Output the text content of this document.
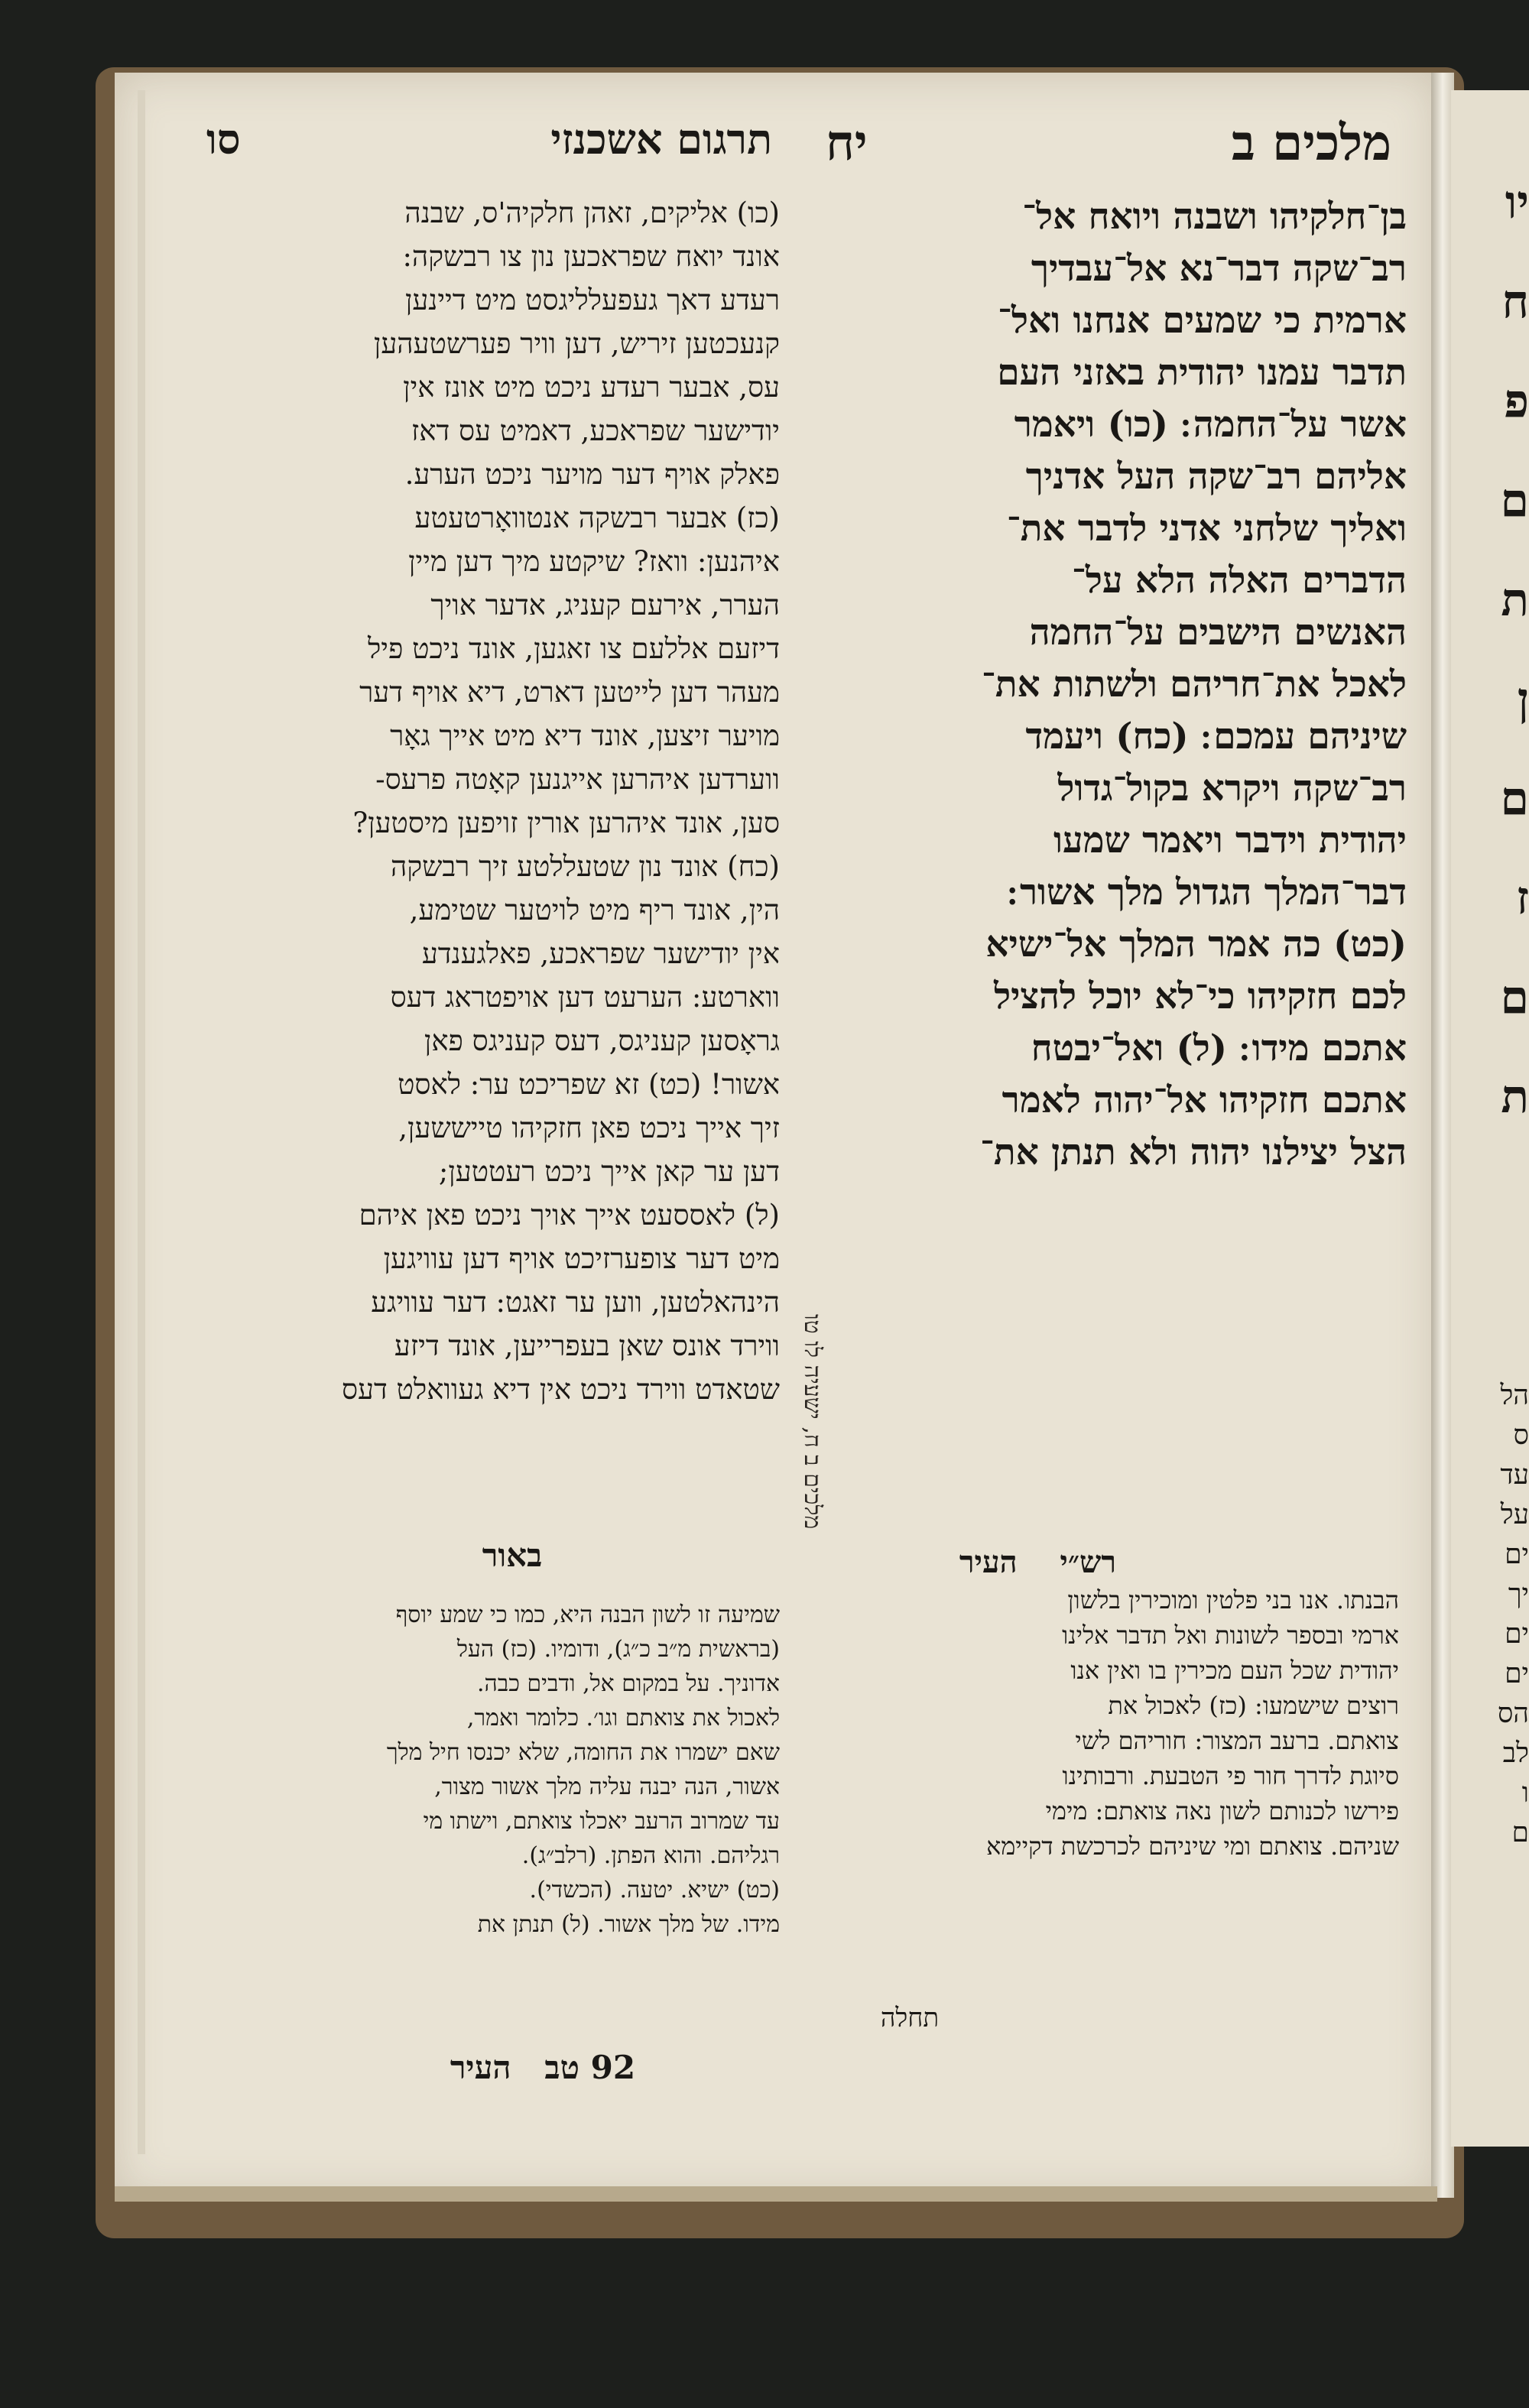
תרגום אשכנזי
סו	מלכים ב
יח
בן־חלקיהו ושבנה ויואח אל־
רב־שקה דבר־נא אל־עבדיך
ארמית כי שמעים אנחנו ואל־
תדבר עמנו יהודית באזני העם
אשר על־החמה ׃ (כו) ויאמר
אליהם רב־שקה העל אדניך
ואליך שלחני אדני לדבר את־
הדברים האלה הלא על־
האנשים הישבים על־החמה
לאכל את־חריהם ולשתות את־
שיניהם עמכם ׃ (כח) ויעמד
רב־שקה ויקרא בקול־גדול
יהודית וידבר ויאמר שמעו
דבר־המלך הגדול מלך אשור ׃
(כט) כה אמר המלך אל־ישיא
לכם חזקיהו כי־לא יוכל להציל
אתכם מידו ׃ (ל) ואל־יבטח
אתכם חזקיהו אל־יהוה לאמר
הצל יצילנו יהוה ולא תנתן את־
(כו) אליקים, זאהן חלקיה'ס, שבנה
אונד יואח שפראכען נון צו רבשקה:
רעדע דאך געפעלליגסט מיט דיינען
קנעכטען זיריש, דען וויר פערשטעהען
עס, אבער רעדע ניכט מיט אונז אין
יודישער שפראכע, דאמיט עס דאז
פאלק אויף דער מויער ניכט הערע.
(כז) אבער רבשקה אנטוואָרטעטע
איהנען: וואז? שיקטע מיך דען מיין
הערר, אירעם קעניג, אדער אויך
דיזעם אללעם צו זאגען, אונד ניכט פיל
מעהר דען לייטען דארט, דיא אויף דער
מויער זיצען, אונד דיא מיט אייך גאָר
ווערדען איהרען אייגנען קאָטה פרעס-
סען, אונד איהרען אורין זויפען מיסטען?
(כח) אונד נון שטעללטע זיך רבשקה
הין, אונד ריף מיט לויטער שטימע,
אין יודישער שפראכע, פאלגענדע
ווארטע: הערעט דען אויפטראג דעס
גראָסען קעניגס, דעס קעניגס פאן
אשור! (כט) זא שפריכט ער: לאסט
זיך אייך ניכט פאן חזקיהו טייששען,
דען ער קאן אייך ניכט רעטטען;
(ל) לאססעט אייך אויך ניכט פאן איהם
מיט דער צופערזיכט אויף דען עוויגען
הינהאלטען, ווען ער זאגט: דער עוויגע
ווירד אונס שאן בעפרייען, אונד דיזע
שטאדט ווירד ניכט אין דיא געוואלט דעס מלכים ב ח, ישעיה לו טו
באור
שמיעה זו לשון הבנה היא, כמו כי שמע יוסף
(בראשית מ״ב כ״ג), ודומיו. (כז) העל
אדוניך. על במקום אל, ודבים כבה.
לאכול את צואתם וגו׳. כלומר ואמר,
שאם ישמרו את החומה, שלא יכנסו חיל מלך
אשור, הנה יבנה עליה מלך אשור מצור,
עד שמרוב הרעב יאכלו צואתם, וישתו מי
רגליהם. והוא הפתן. (רלב״ג).
(כט) ישיא. יטעה. (הכשדי).
מידו. של מלך אשור. (ל) תנתן את
רש״י    העיר
הבנתו. אנו בני פלטין ומוכירין בלשון
ארמי ובספר לשונות ואל תדבר אלינו
יהודית שכל העם מכירין בו ואין אנו
רוצים שישמעו: (כז) לאכול את
צואתם. ברעב המצור: חוריהם לשי
סיוגת לדרך חור פי הטבעת. ורבותינו
פירשו לכנותם לשון נאה צואתם: מימי
שניהם. צואתם ומי שיניהם לכרכשת דקיימא
תחלה
92 טב   העיר
יו
ח
פ
ם
ת
ן
ם
ז
ם
ת
הל
ס
עד
על
ים
יך
ים
ים
הס
לב
ו
ם
